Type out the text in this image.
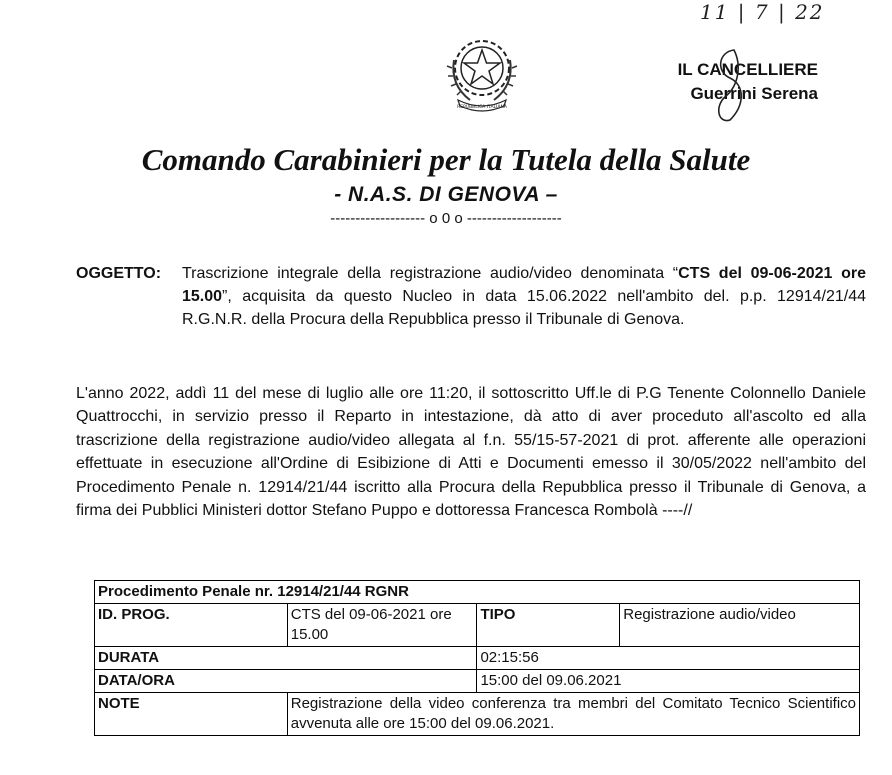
11 | 7 | 22
REPUBBLICA ITALIANA
IL CANCELLIERE
Guerrini Serena
Comando Carabinieri per la Tutela della Salute
- N.A.S. DI GENOVA –
------------------- o 0 o -------------------
OGGETTO: Trascrizione integrale della registrazione audio/video denominata “CTS del 09-06-2021 ore 15.00”, acquisita da questo Nucleo in data 15.06.2022 nell'ambito del. p.p. 12914/21/44 R.G.N.R. della Procura della Repubblica presso il Tribunale di Genova.
L'anno 2022, addì 11 del mese di luglio alle ore 11:20, il sottoscritto Uff.le di P.G Tenente Colonnello Daniele Quattrocchi, in servizio presso il Reparto in intestazione, dà atto di aver proceduto all'ascolto ed alla trascrizione della registrazione audio/video allegata al f.n. 55/15-57-2021 di prot. afferente alle operazioni effettuate in esecuzione all'Ordine di Esibizione di Atti e Documenti emesso il 30/05/2022 nell'ambito del Procedimento Penale n. 12914/21/44 iscritto alla Procura della Repubblica presso il Tribunale di Genova, a firma dei Pubblici Ministeri dottor Stefano Puppo e dottoressa Francesca Rombolà ----//
Procedimento Penale nr. 12914/21/44 RGNR			
ID. PROG.	CTS del 09-06-2021 ore 15.00	TIPO	Registrazione audio/video
DURATA		02:15:56	
DATA/ORA		15:00 del 09.06.2021	
NOTE	Registrazione della video conferenza tra membri del Comitato Tecnico Scientifico avvenuta alle ore 15:00 del 09.06.2021.		
